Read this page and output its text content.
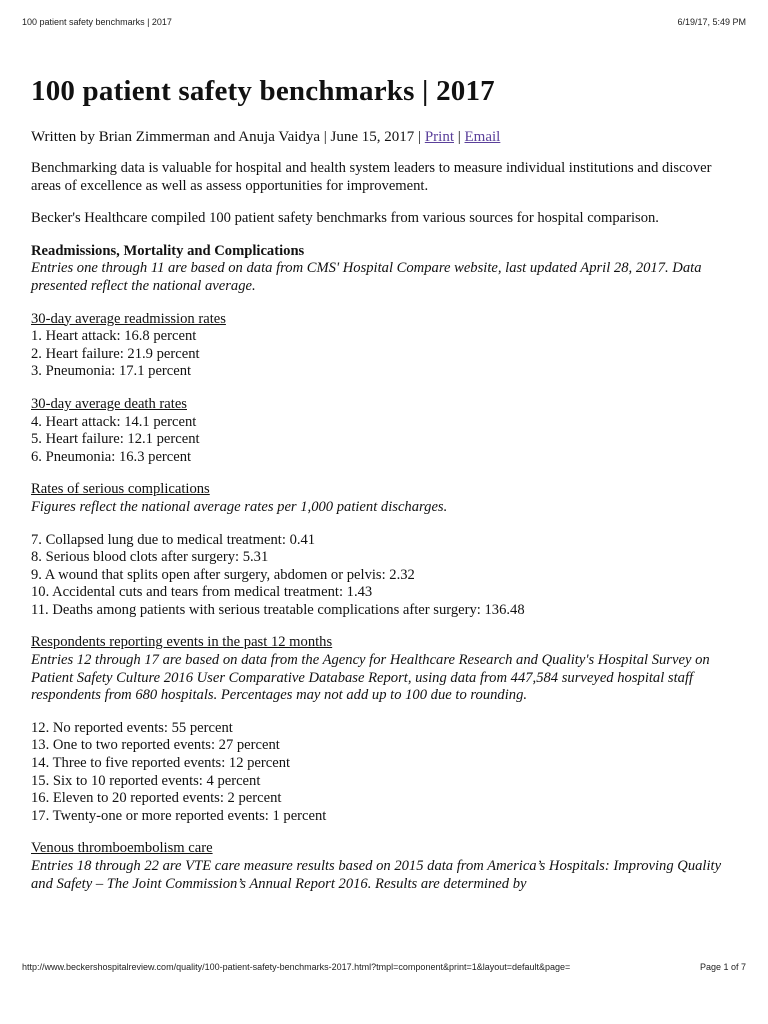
100 patient safety benchmarks | 2017	6/19/17, 5:49 PM
100 patient safety benchmarks | 2017
Written by Brian Zimmerman and Anuja Vaidya | June 15, 2017 | Print | Email

Benchmarking data is valuable for hospital and health system leaders to measure individual institutions and discover areas of excellence as well as assess opportunities for improvement.

Becker's Healthcare compiled 100 patient safety benchmarks from various sources for hospital comparison.

Readmissions, Mortality and Complications

Entries one through 11 are based on data from CMS' Hospital Compare website, last updated April 28, 2017. Data presented reflect the national average.

30-day average readmission rates

1. Heart attack: 16.8 percent
2. Heart failure: 21.9 percent
3. Pneumonia: 17.1 percent

30-day average death rates

4. Heart attack: 14.1 percent
5. Heart failure: 12.1 percent
6. Pneumonia: 16.3 percent

Rates of serious complications

Figures reflect the national average rates per 1,000 patient discharges.

7. Collapsed lung due to medical treatment: 0.41
8. Serious blood clots after surgery: 5.31
9. A wound that splits open after surgery, abdomen or pelvis: 2.32
10. Accidental cuts and tears from medical treatment: 1.43
11. Deaths among patients with serious treatable complications after surgery: 136.48

Respondents reporting events in the past 12 months

Entries 12 through 17 are based on data from the Agency for Healthcare Research and Quality's Hospital Survey on Patient Safety Culture 2016 User Comparative Database Report, using data from 447,584 surveyed hospital staff respondents from 680 hospitals. Percentages may not add up to 100 due to rounding.

12. No reported events: 55 percent
13. One to two reported events: 27 percent
14. Three to five reported events: 12 percent
15. Six to 10 reported events: 4 percent
16. Eleven to 20 reported events: 2 percent
17. Twenty-one or more reported events: 1 percent

Venous thromboembolism care

Entries 18 through 22 are VTE care measure results based on 2015 data from America’s Hospitals: Improving Quality and Safety – The Joint Commission’s Annual Report 2016. Results are determined by

http://www.beckershospitalreview.com/quality/100-patient-safety-benchmarks-2017.html?tmpl=component&print=1&layout=default&page=	Page 1 of 7
